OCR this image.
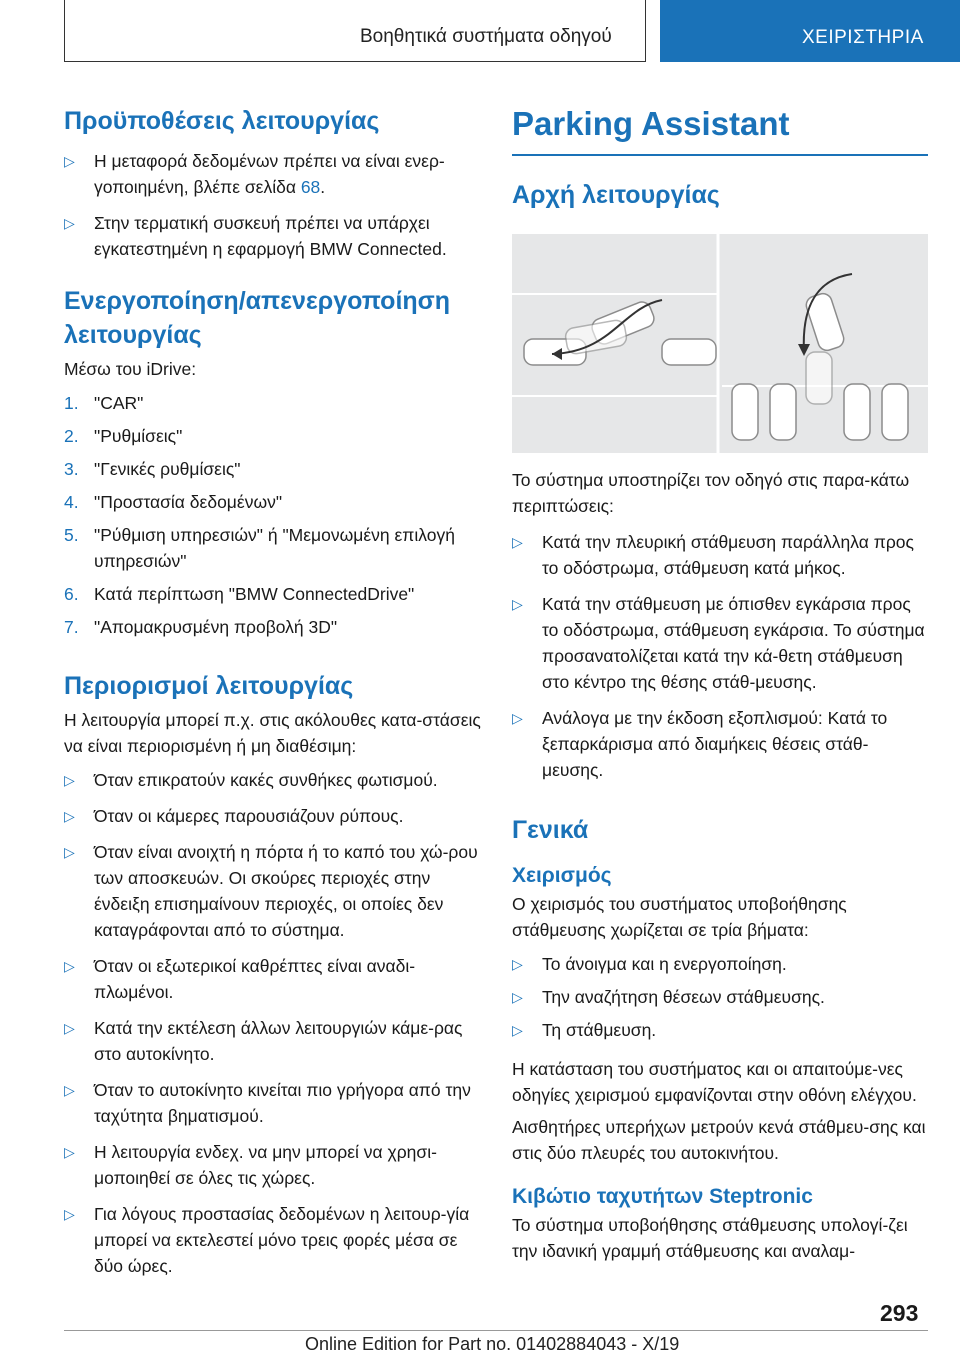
Βοηθητικά συστήματα οδηγού	ΧΕΙΡΙΣΤΗΡΙΑ
Προϋποθέσεις λειτουργίας
▷ Η μεταφορά δεδομένων πρέπει να είναι ενερ-γοποιημένη, βλέπε σελίδα 68.
▷ Στην τερματική συσκευή πρέπει να υπάρχει εγκατεστημένη η εφαρμογή BMW Connected.
Ενεργοποίηση/απενεργοποίηση λειτουργίας

Μέσω του iDrive:

1. "CAR"
2. "Ρυθμίσεις"
3. "Γενικές ρυθμίσεις"
4. "Προστασία δεδομένων"
5. "Ρύθμιση υπηρεσιών" ή "Μεμονωμένη επιλογή υπηρεσιών"
6. Κατά περίπτωση "BMW ConnectedDrive"
7. "Απομακρυσμένη προβολή 3D"
Περιορισμοί λειτουργίας

Η λειτουργία μπορεί π.χ. στις ακόλουθες κατα-στάσεις να είναι περιορισμένη ή μη διαθέσιμη:

▷ Όταν επικρατούν κακές συνθήκες φωτισμού.
▷ Όταν οι κάμερες παρουσιάζουν ρύπους.
▷ Όταν είναι ανοιχτή η πόρτα ή το καπό του χώ-ρου των αποσκευών. Οι σκούρες περιοχές στην ένδειξη επισημαίνουν περιοχές, οι οποίες δεν καταγράφονται από το σύστημα.
▷ Όταν οι εξωτερικοί καθρέπτες είναι αναδι-πλωμένοι.
▷ Κατά την εκτέλεση άλλων λειτουργιών κάμε-ρας στο αυτοκίνητο.
▷ Όταν το αυτοκίνητο κινείται πιο γρήγορα από την ταχύτητα βηματισμού.
▷ Η λειτουργία ενδεχ. να μην μπορεί να χρησι-μοποιηθεί σε όλες τις χώρες.
▷ Για λόγους προστασίας δεδομένων η λειτουρ-γία μπορεί να εκτελεστεί μόνο τρεις φορές μέσα σε δύο ώρες.
Parking Assistant
Αρχή λειτουργίας

Το σύστημα υποστηρίζει τον οδηγό στις παρα-κάτω περιπτώσεις:

▷ Κατά την πλευρική στάθμευση παράλληλα προς το οδόστρωμα, στάθμευση κατά μήκος.
▷ Κατά την στάθμευση με όπισθεν εγκάρσια προς το οδόστρωμα, στάθμευση εγκάρσια. Το σύστημα προσανατολίζεται κατά την κά-θετη στάθμευση στο κέντρο της θέσης στάθ-μευσης.
▷ Ανάλογα με την έκδοση εξοπλισμού: Κατά το ξεπαρκάρισμα από διαμήκεις θέσεις στάθ-μευσης.
Γενικά
Χειρισμός

Ο χειρισμός του συστήματος υποβοήθησης στάθμευσης χωρίζεται σε τρία βήματα:

▷ Το άνοιγμα και η ενεργοποίηση.
▷ Την αναζήτηση θέσεων στάθμευσης.
▷ Τη στάθμευση.

Η κατάσταση του συστήματος και οι απαιτούμε-νες οδηγίες χειρισμού εμφανίζονται στην οθόνη ελέγχου.

Αισθητήρες υπερήχων μετρούν κενά στάθμευ-σης και στις δύο πλευρές του αυτοκινήτου.

Κιβώτιο ταχυτήτων Steptronic

Το σύστημα υποβοήθησης στάθμευσης υπολογί-ζει την ιδανική γραμμή στάθμευσης και αναλαμ-

293
Online Edition for Part no. 01402884043 - X/19
